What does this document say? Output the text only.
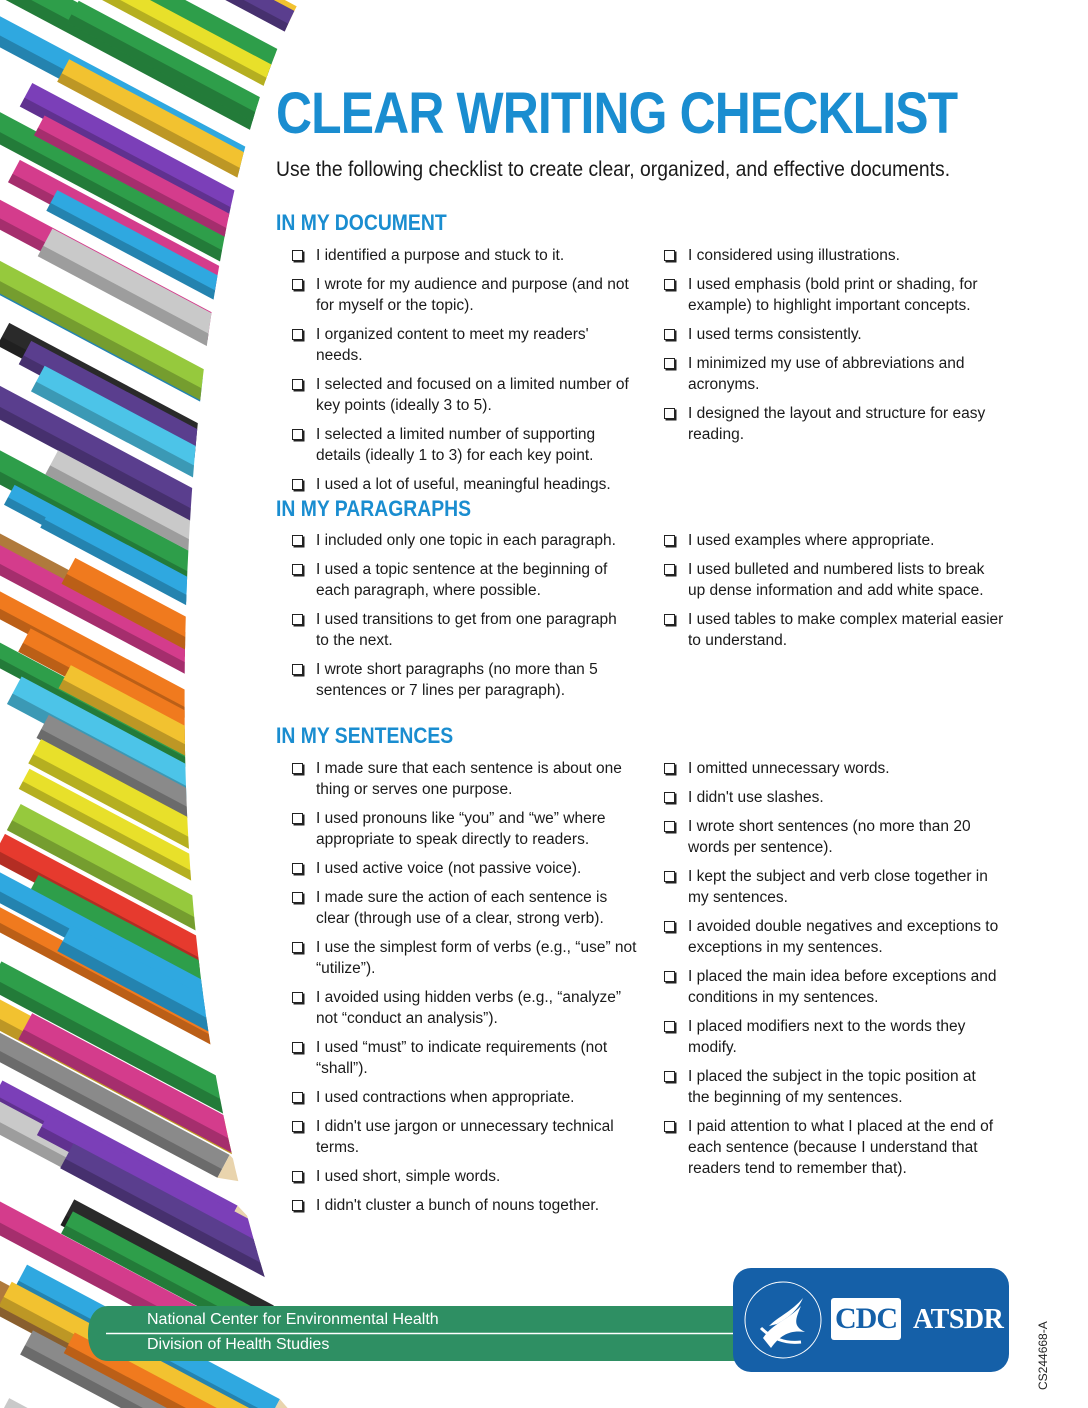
CLEAR WRITING CHECKLIST

Use the following checklist to create clear, organized, and effective documents.

IN MY DOCUMENT
I identified a purpose and stuck to it.
I wrote for my audience and purpose (and not for myself or the topic).
I organized content to meet my readers' needs.
I selected and focused on a limited number of key points (ideally 3 to 5).
I selected a limited number of supporting details (ideally 1 to 3) for each key point.
I used a lot of useful, meaningful headings.
I considered using illustrations.
I used emphasis (bold print or shading, for example) to highlight important concepts.
I used terms consistently.
I minimized my use of abbreviations and acronyms.
I designed the layout and structure for easy reading.
IN MY PARAGRAPHS
I included only one topic in each paragraph.
I used a topic sentence at the beginning of each paragraph, where possible.
I used transitions to get from one paragraph to the next.
I wrote short paragraphs (no more than 5 sentences or 7 lines per paragraph).
I used examples where appropriate.
I used bulleted and numbered lists to break up dense information and add white space.
I used tables to make complex material easier to understand.
IN MY SENTENCES
I made sure that each sentence is about one thing or serves one purpose.
I used pronouns like “you” and “we” where appropriate to speak directly to readers.
I used active voice (not passive voice).
I made sure the action of each sentence is clear (through use of a clear, strong verb).
I use the simplest form of verbs (e.g., “use” not “utilize”).
I avoided using hidden verbs (e.g., “analyze” not “conduct an analysis”).
I used “must” to indicate requirements (not “shall”).
I used contractions when appropriate.
I didn't use jargon or unnecessary technical terms.
I used short, simple words.
I didn't cluster a bunch of nouns together.
I omitted unnecessary words.
I didn't use slashes.
I wrote short sentences (no more than 20 words per sentence).
I kept the subject and verb close together in my sentences.
I avoided double negatives and exceptions to exceptions in my sentences.
I placed the main idea before exceptions and conditions in my sentences.
I placed modifiers next to the words they modify.
I placed the subject in the topic position at the beginning of my sentences.
I paid attention to what I placed at the end of each sentence (because I understand that readers tend to remember that).

National Center for Environmental Health

Division of Health Studies

CDC ATSDR

CS244668-A
